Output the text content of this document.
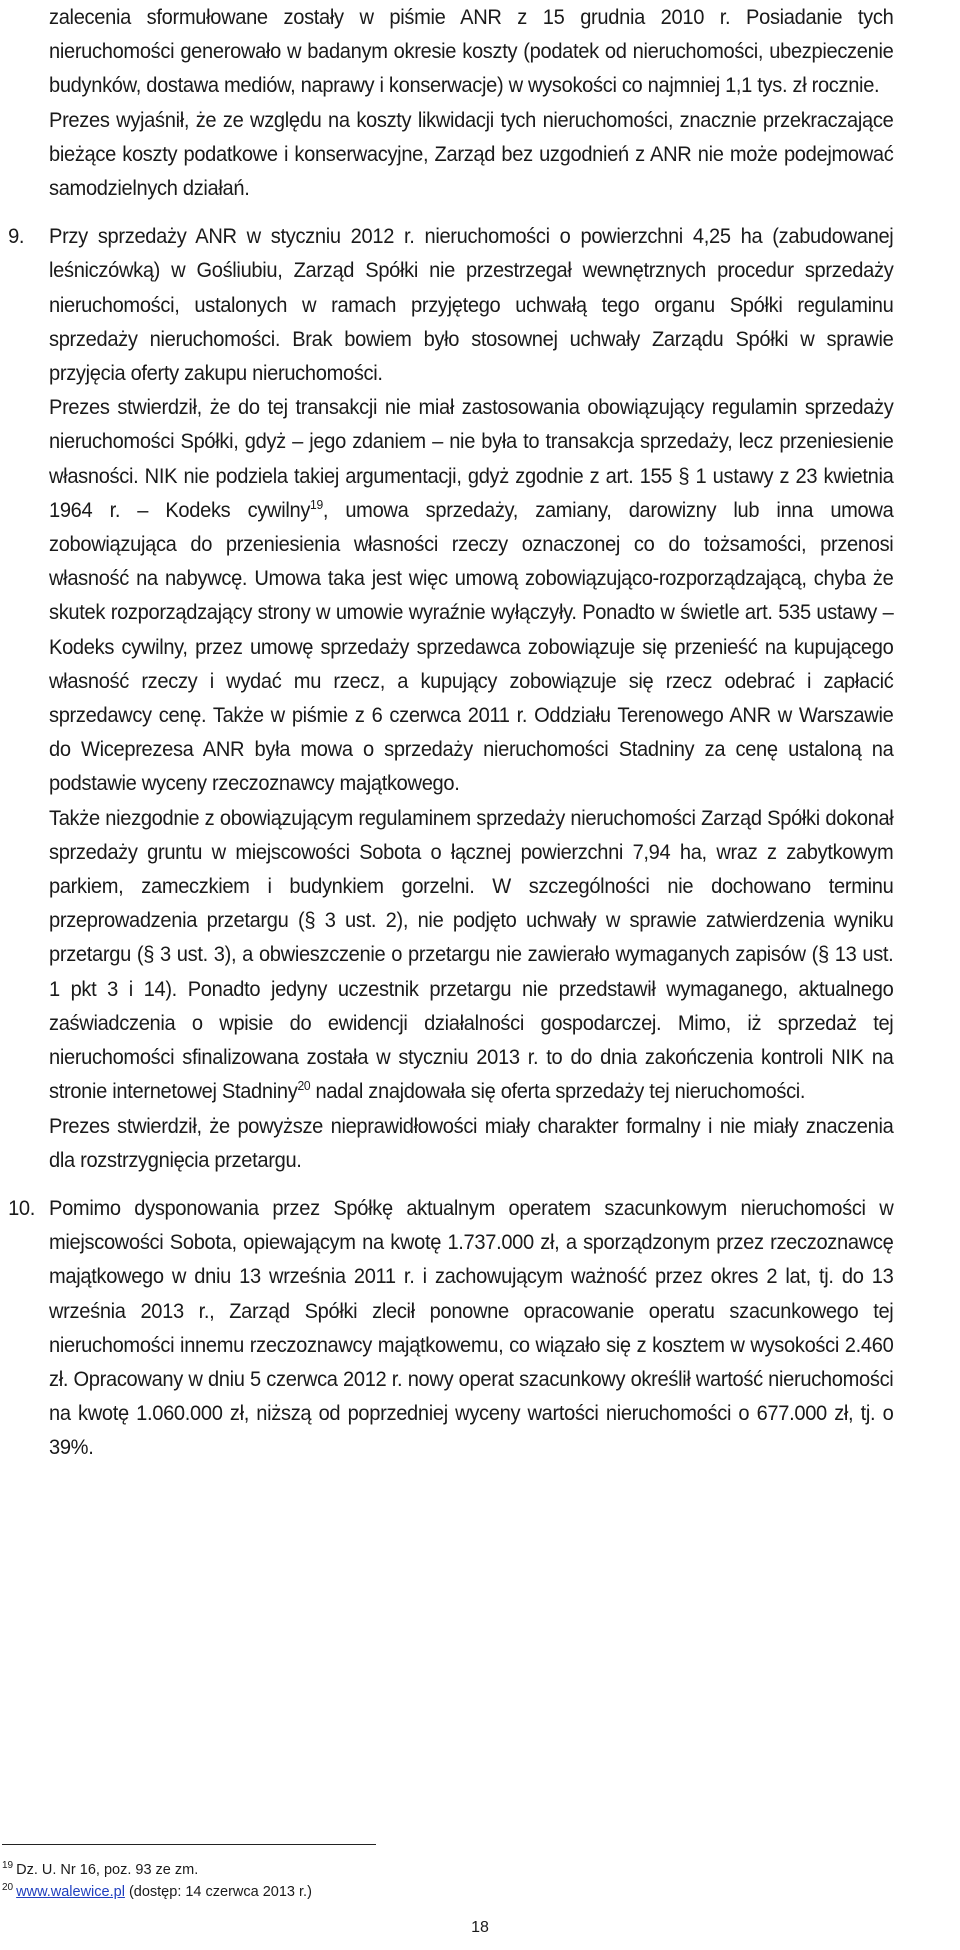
zalecenia sformułowane zostały w piśmie ANR z 15 grudnia 2010 r. Posiadanie tych nieruchomości generowało w badanym okresie koszty (podatek od nieruchomości, ubezpieczenie budynków, dostawa mediów, naprawy i konserwacje) w wysokości co najmniej 1,1 tys. zł rocznie.

Prezes wyjaśnił, że ze względu na koszty likwidacji tych nieruchomości, znacznie przekraczające bieżące koszty podatkowe i konserwacyjne, Zarząd bez uzgodnień z ANR nie może podejmować samodzielnych działań.

9. Przy sprzedaży ANR w styczniu 2012 r. nieruchomości o powierzchni 4,25 ha (zabudowanej leśniczówką) w Gośliubiu, Zarząd Spółki nie przestrzegał wewnętrznych procedur sprzedaży nieruchomości, ustalonych w ramach przyjętego uchwałą tego organu Spółki regulaminu sprzedaży nieruchomości. Brak bowiem było stosownej uchwały Zarządu Spółki w sprawie przyjęcia oferty zakupu nieruchomości.

Prezes stwierdził, że do tej transakcji nie miał zastosowania obowiązujący regulamin sprzedaży nieruchomości Spółki, gdyż – jego zdaniem – nie była to transakcja sprzedaży, lecz przeniesienie własności. NIK nie podziela takiej argumentacji, gdyż zgodnie z art. 155 § 1 ustawy z 23 kwietnia 1964 r. – Kodeks cywilny$^{19}$, umowa sprzedaży, zamiany, darowizny lub inna umowa zobowiązująca do przeniesienia własności rzeczy oznaczonej co do tożsamości, przenosi własność na nabywcę. Umowa taka jest więc umową zobowiązująco-rozporządzającą, chyba że skutek rozporządzający strony w umowie wyraźnie wyłączyły. Ponadto w świetle art. 535 ustawy – Kodeks cywilny, przez umowę sprzedaży sprzedawca zobowiązuje się przenieść na kupującego własność rzeczy i wydać mu rzecz, a kupujący zobowiązuje się rzecz odebrać i zapłacić sprzedawcy cenę. Także w piśmie z 6 czerwca 2011 r. Oddziału Terenowego ANR w Warszawie do Wiceprezesa ANR była mowa o sprzedaży nieruchomości Stadniny za cenę ustaloną na podstawie wyceny rzeczoznawcy majątkowego.

Także niezgodnie z obowiązującym regulaminem sprzedaży nieruchomości Zarząd Spółki dokonał sprzedaży gruntu w miejscowości Sobota o łącznej powierzchni 7,94 ha, wraz z zabytkowym parkiem, zameczkiem i budynkiem gorzelni. W szczególności nie dochowano terminu przeprowadzenia przetargu (§ 3 ust. 2), nie podjęto uchwały w sprawie zatwierdzenia wyniku przetargu (§ 3 ust. 3), a obwieszczenie o przetargu nie zawierało wymaganych zapisów (§ 13 ust. 1 pkt 3 i 14). Ponadto jedyny uczestnik przetargu nie przedstawił wymaganego, aktualnego zaświadczenia o wpisie do ewidencji działalności gospodarczej. Mimo, iż sprzedaż tej nieruchomości sfinalizowana została w styczniu 2013 r. to do dnia zakończenia kontroli NIK na stronie internetowej Stadniny$^{20}$ nadal znajdowała się oferta sprzedaży tej nieruchomości.

Prezes stwierdził, że powyższe nieprawidłowości miały charakter formalny i nie miały znaczenia dla rozstrzygnięcia przetargu.

10. Pomimo dysponowania przez Spółkę aktualnym operatem szacunkowym nieruchomości w miejscowości Sobota, opiewającym na kwotę 1.737.000 zł, a sporządzonym przez rzeczoznawcę majątkowego w dniu 13 września 2011 r. i zachowującym ważność przez okres 2 lat, tj. do 13 września 2013 r., Zarząd Spółki zlecił ponowne opracowanie operatu szacunkowego tej nieruchomości innemu rzeczoznawcy majątkowemu, co wiązało się z kosztem w wysokości 2.460 zł. Opracowany w dniu 5 czerwca 2012 r. nowy operat szacunkowy określił wartość nieruchomości na kwotę 1.060.000 zł, niższą od poprzedniej wyceny wartości nieruchomości o 677.000 zł, tj. o 39%.

$^{19}$ Dz. U. Nr 16, poz. 93 ze zm.

$^{20}$ www.walewice.pl (dostęp: 14 czerwca 2013 r.)

18
